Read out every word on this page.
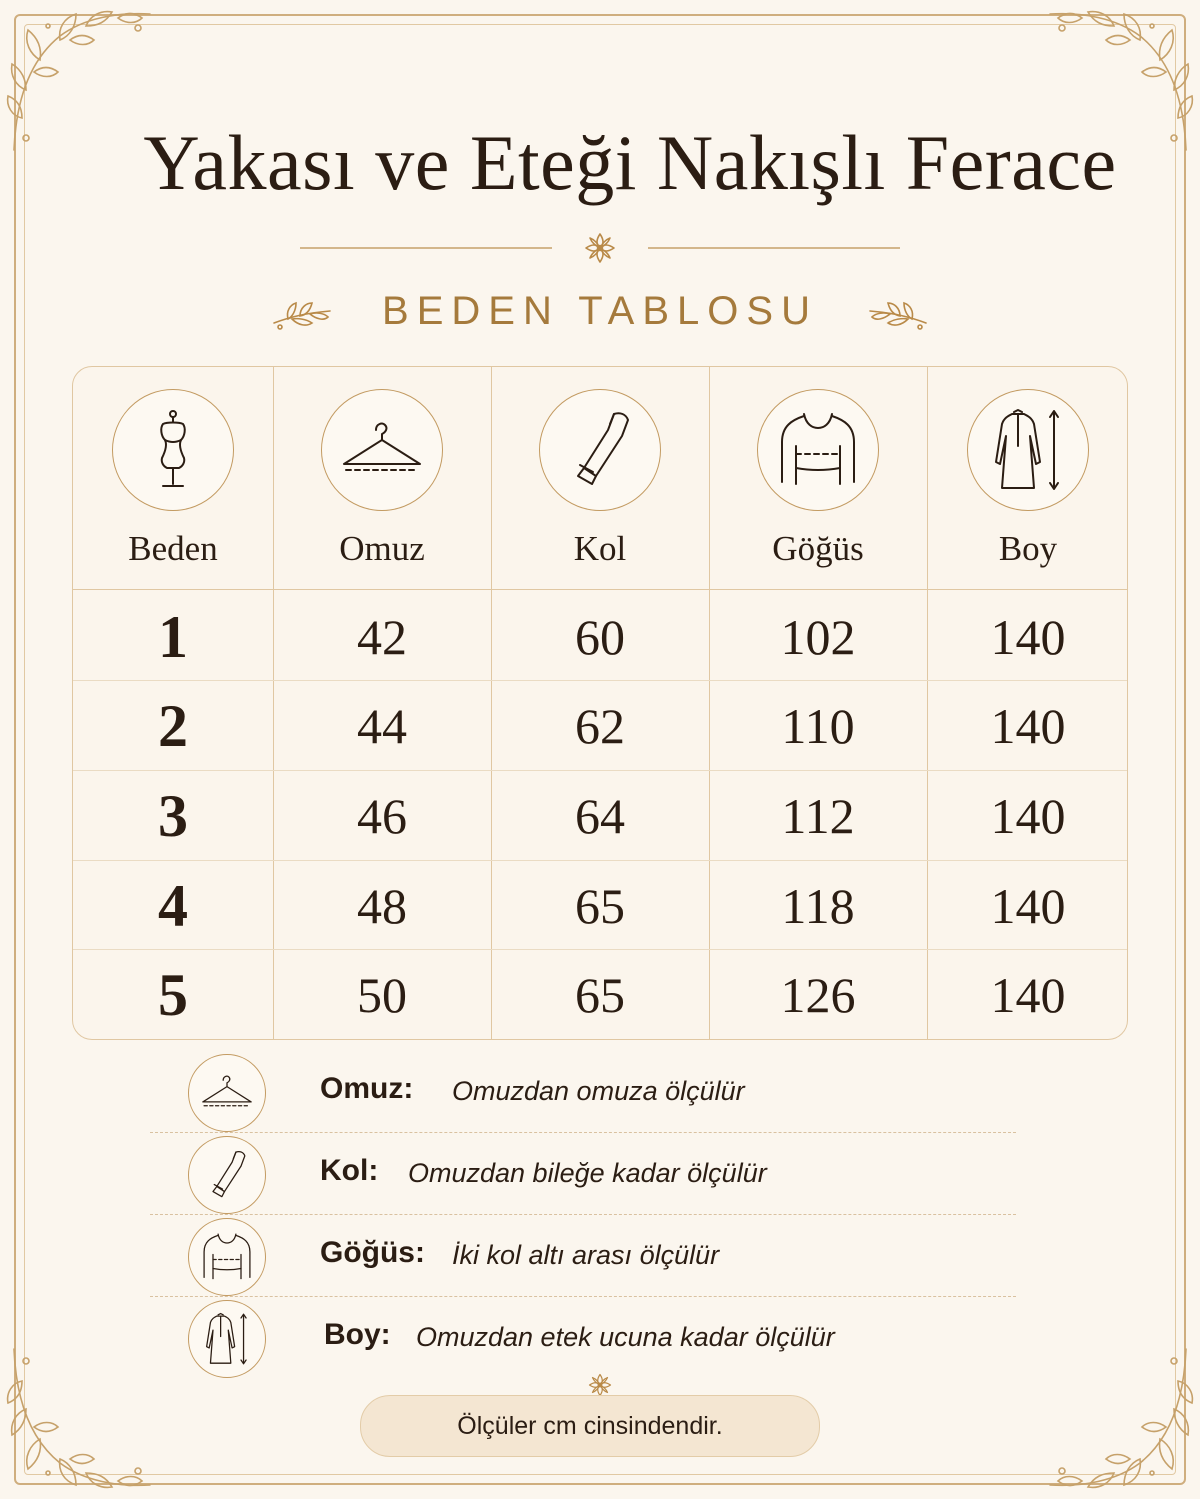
Yakası ve Eteği Nakışlı Ferace
BEDEN TABLOSU
Beden	Omuz	Kol	Göğüs	Boy
1	42	60	102	140
2	44	62	110	140
3	46	64	112	140
4	48	65	118	140
5	50	65	126	140
Omuz: Omuzdan omuza ölçülür
Kol: Omuzdan bileğe kadar ölçülür
Göğüs: İki kol altı arası ölçülür
Boy: Omuzdan etek ucuna kadar ölçülür
Ölçüler cm cinsindendir.
